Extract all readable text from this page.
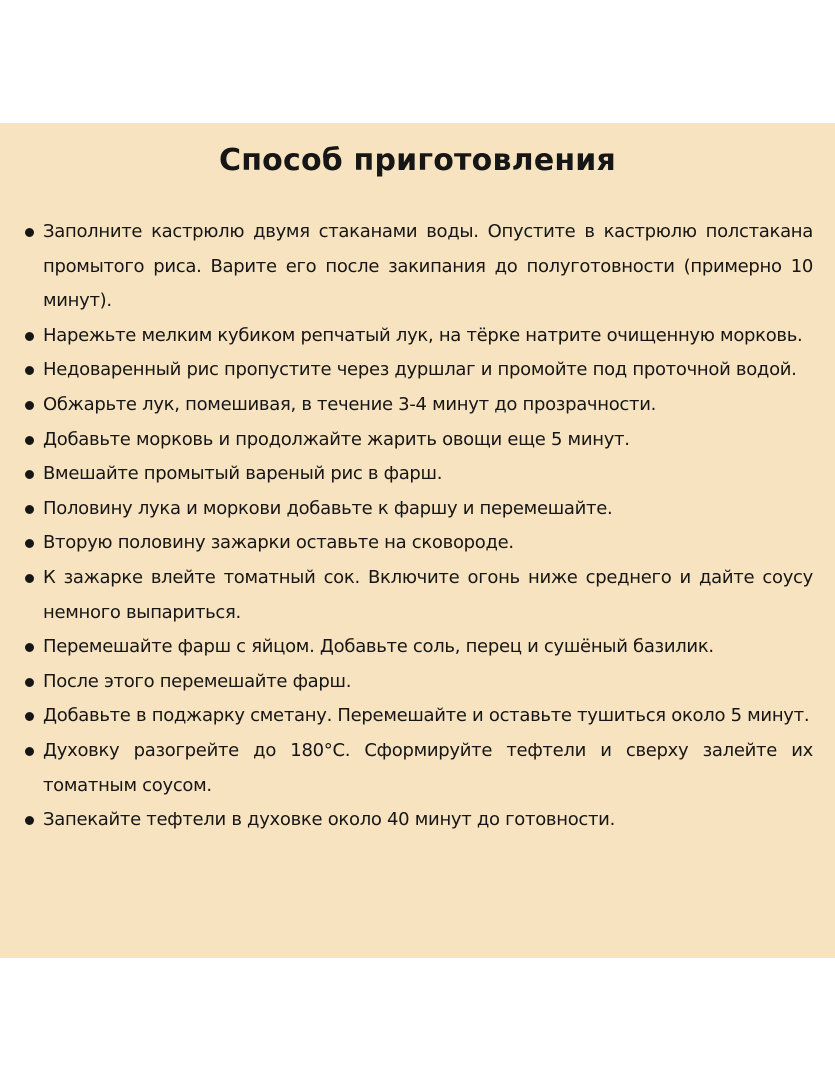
Способ приготовления
Заполните кастрюлю двумя стаканами воды. Опустите в кастрюлю полстакана промытого риса. Варите его после закипания до полуготовности (примерно 10 минут).
Нарежьте мелким кубиком репчатый лук, на тёрке натрите очищенную морковь.
Недоваренный рис пропустите через дуршлаг и промойте под проточной водой.
Обжарьте лук, помешивая, в течение 3-4 минут до прозрачности.
Добавьте морковь и продолжайте жарить овощи еще 5 минут.
Вмешайте промытый вареный рис в фарш.
Половину лука и моркови добавьте к фаршу и перемешайте.
Вторую половину зажарки оставьте на сковороде.
К зажарке влейте томатный сок. Включите огонь ниже среднего и дайте соусу немного выпариться.
Перемешайте фарш с яйцом. Добавьте соль, перец и сушёный базилик.
После этого перемешайте фарш.
Добавьте в поджарку сметану. Перемешайте и оставьте тушиться около 5 минут.
Духовку разогрейте до 180°С. Сформируйте тефтели и сверху залейте их томатным соусом.
Запекайте тефтели в духовке около 40 минут до готовности.
